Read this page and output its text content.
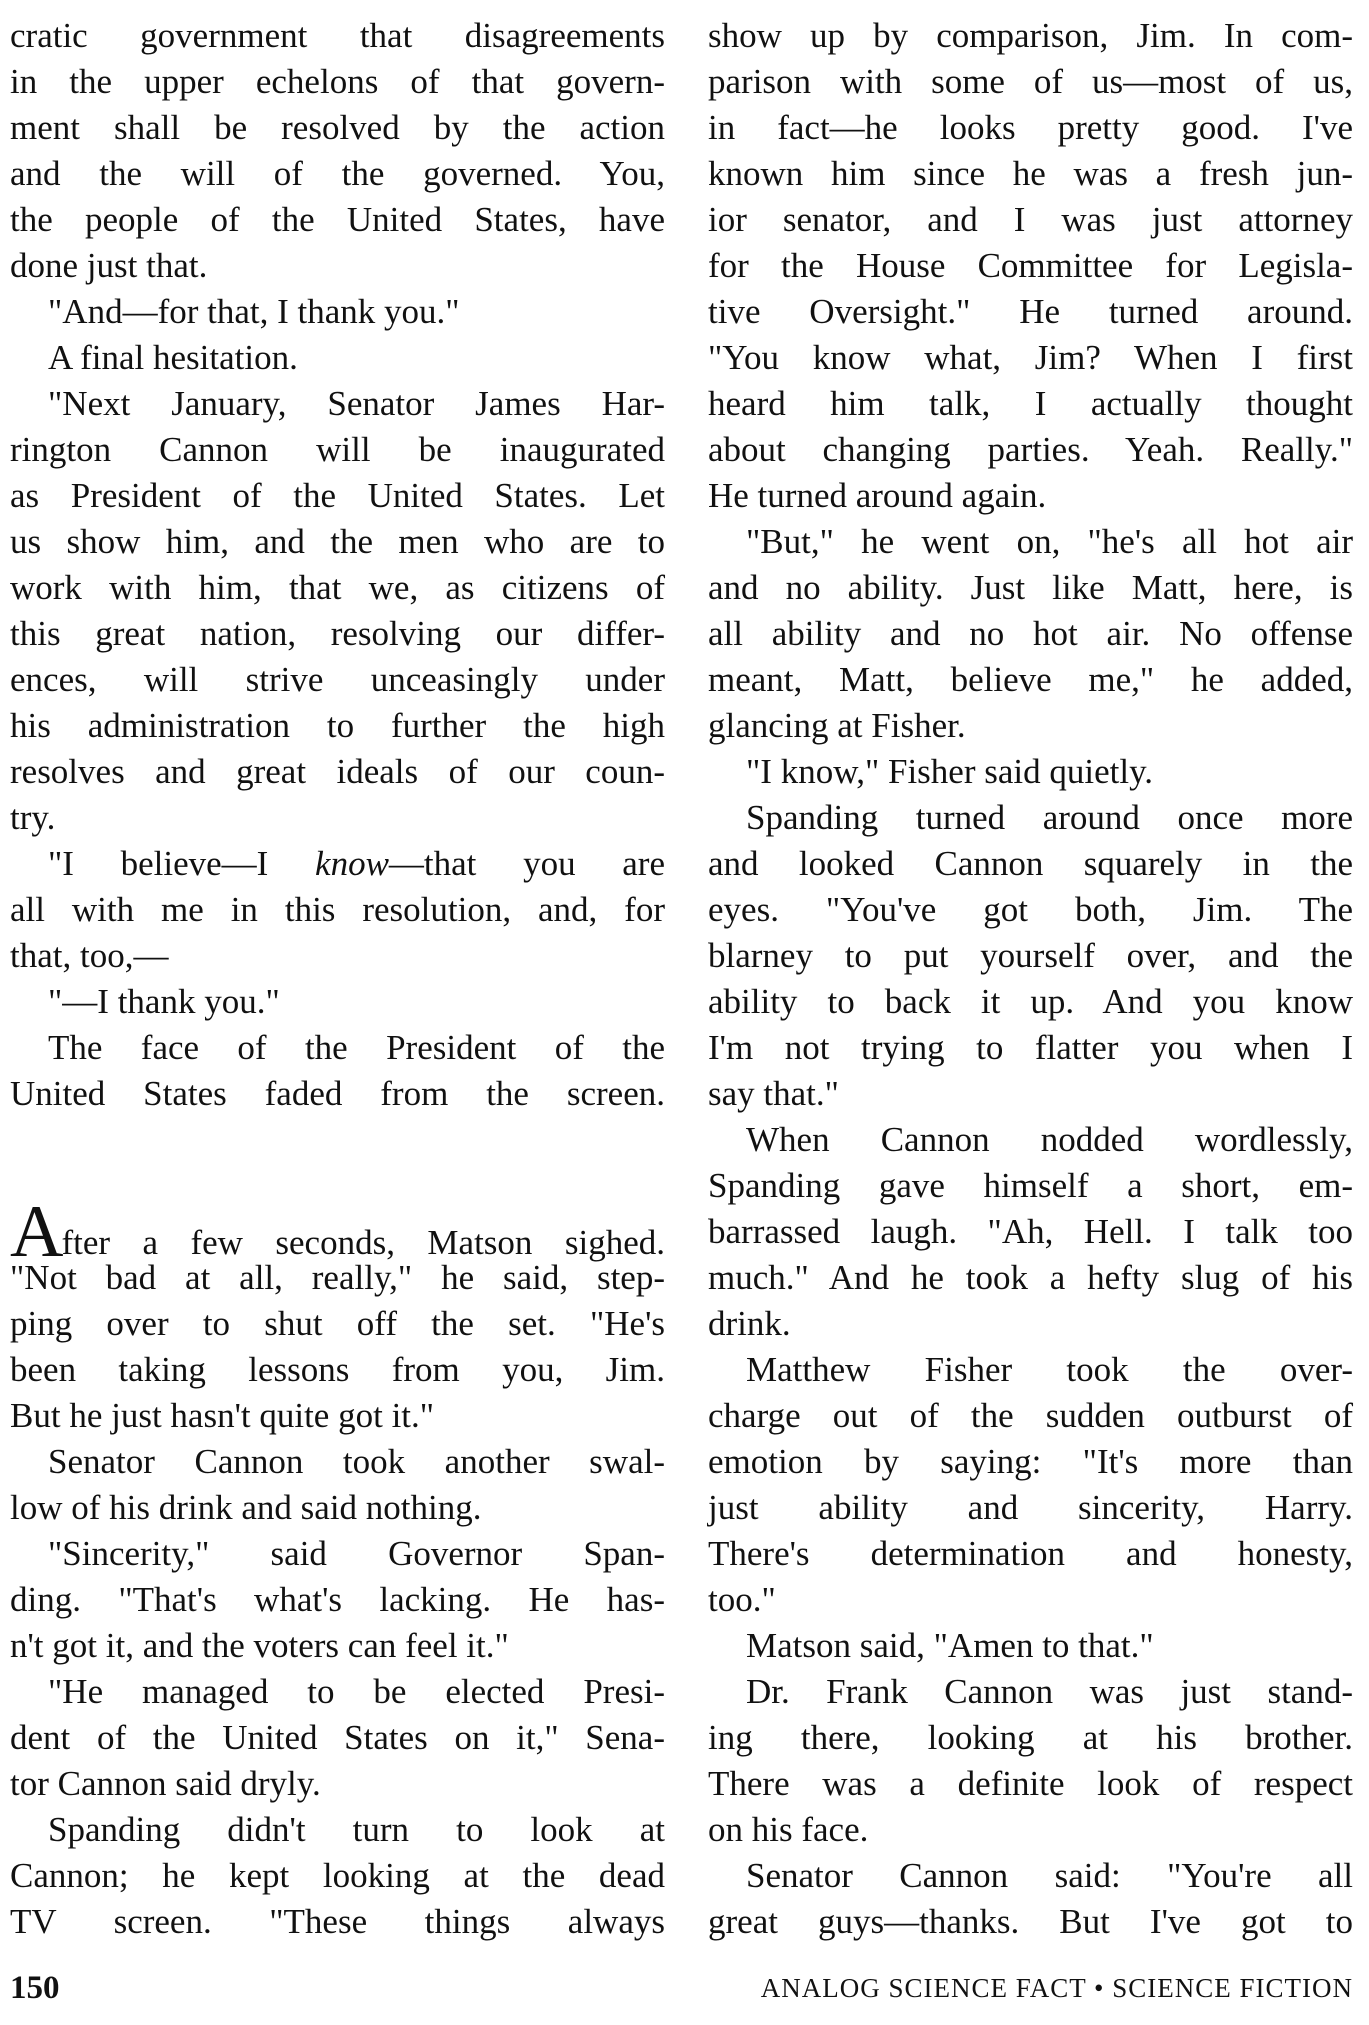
cratic government that disagreements
in the upper echelons of that govern-
ment shall be resolved by the action
and the will of the governed. You,
the people of the United States, have
done just that.
"And—for that, I thank you."
A final hesitation.
"Next January, Senator James Har-
rington Cannon will be inaugurated
as President of the United States. Let
us show him, and the men who are to
work with him, that we, as citizens of
this great nation, resolving our differ-
ences, will strive unceasingly under
his administration to further the high
resolves and great ideals of our coun-
try.
"I believe—I know—that you are
all with me in this resolution, and, for
that, too,—
"—I thank you."
The face of the President of the
United States faded from the screen.
After a few seconds, Matson sighed.
"Not bad at all, really," he said, step-
ping over to shut off the set. "He's
been taking lessons from you, Jim.
But he just hasn't quite got it."
Senator Cannon took another swal-
low of his drink and said nothing.
"Sincerity," said Governor Span-
ding. "That's what's lacking. He has-
n't got it, and the voters can feel it."
"He managed to be elected Presi-
dent of the United States on it," Sena-
tor Cannon said dryly.
Spanding didn't turn to look at
Cannon; he kept looking at the dead
TV screen. "These things always
show up by comparison, Jim. In com-
parison with some of us—most of us,
in fact—he looks pretty good. I've
known him since he was a fresh jun-
ior senator, and I was just attorney
for the House Committee for Legisla-
tive Oversight." He turned around.
"You know what, Jim? When I first
heard him talk, I actually thought
about changing parties. Yeah. Really."
He turned around again.
"But," he went on, "he's all hot air
and no ability. Just like Matt, here, is
all ability and no hot air. No offense
meant, Matt, believe me," he added,
glancing at Fisher.
"I know," Fisher said quietly.
Spanding turned around once more
and looked Cannon squarely in the
eyes. "You've got both, Jim. The
blarney to put yourself over, and the
ability to back it up. And you know
I'm not trying to flatter you when I
say that."
When Cannon nodded wordlessly,
Spanding gave himself a short, em-
barrassed laugh. "Ah, Hell. I talk too
much." And he took a hefty slug of his
drink.
Matthew Fisher took the over-
charge out of the sudden outburst of
emotion by saying: "It's more than
just ability and sincerity, Harry.
There's determination and honesty,
too."
Matson said, "Amen to that."
Dr. Frank Cannon was just stand-
ing there, looking at his brother.
There was a definite look of respect
on his face.
Senator Cannon said: "You're all
great guys—thanks. But I've got to
150	ANALOG SCIENCE FACT • SCIENCE FICTION
